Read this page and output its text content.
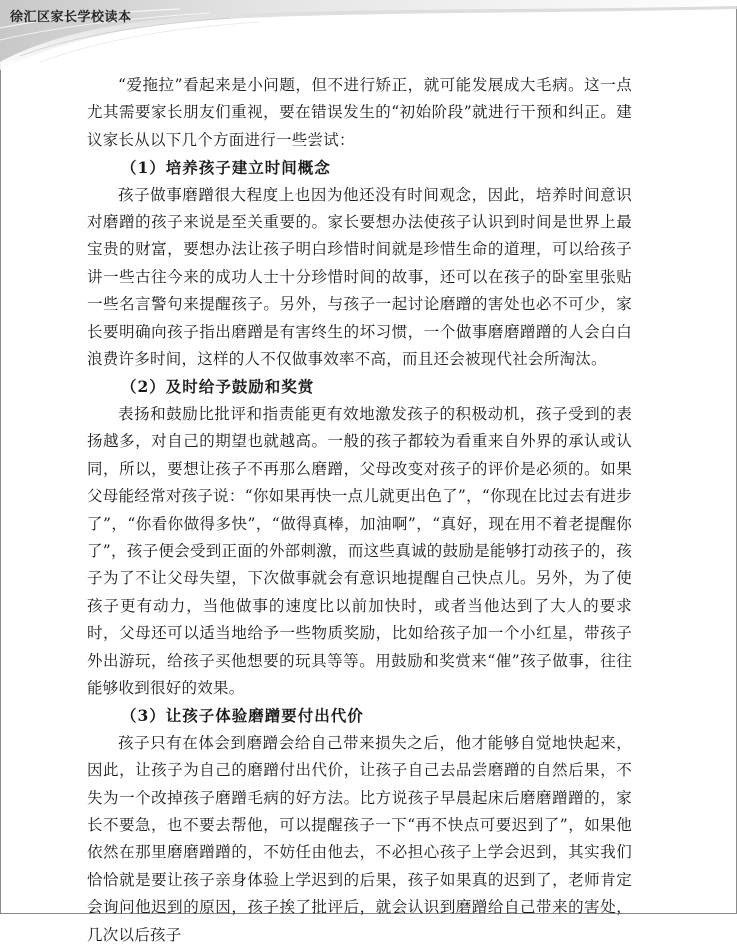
徐汇区家长学校读本

“爱拖拉”看起来是小问题，但不进行矫正，就可能发展成大毛病。这一点尤其需要家长朋友们重视，要在错误发生的“初始阶段”就进行干预和纠正。建议家长从以下几个方面进行一些尝试：

（1）培养孩子建立时间概念

孩子做事磨蹭很大程度上也因为他还没有时间观念，因此，培养时间意识对磨蹭的孩子来说是至关重要的。家长要想办法使孩子认识到时间是世界上最宝贵的财富，要想办法让孩子明白珍惜时间就是珍惜生命的道理，可以给孩子讲一些古往今来的成功人士十分珍惜时间的故事，还可以在孩子的卧室里张贴一些名言警句来提醒孩子。另外，与孩子一起讨论磨蹭的害处也必不可少，家长要明确向孩子指出磨蹭是有害终生的坏习惯，一个做事磨磨蹭蹭的人会白白浪费许多时间，这样的人不仅做事效率不高，而且还会被现代社会所淘汰。

（2）及时给予鼓励和奖赏

表扬和鼓励比批评和指责能更有效地激发孩子的积极动机，孩子受到的表扬越多，对自己的期望也就越高。一般的孩子都较为看重来自外界的承认或认同，所以，要想让孩子不再那么磨蹭，父母改变对孩子的评价是必须的。如果父母能经常对孩子说：“你如果再快一点儿就更出色了”，“你现在比过去有进步了”，“你看你做得多快”，“做得真棒，加油啊”，“真好，现在用不着老提醒你了”，孩子便会受到正面的外部刺激，而这些真诚的鼓励是能够打动孩子的，孩子为了不让父母失望，下次做事就会有意识地提醒自己快点儿。另外，为了使孩子更有动力，当他做事的速度比以前加快时，或者当他达到了大人的要求时，父母还可以适当地给予一些物质奖励，比如给孩子加一个小红星，带孩子外出游玩，给孩子买他想要的玩具等等。用鼓励和奖赏来“催”孩子做事，往往能够收到很好的效果。

（3）让孩子体验磨蹭要付出代价

孩子只有在体会到磨蹭会给自己带来损失之后，他才能够自觉地快起来，因此，让孩子为自己的磨蹭付出代价，让孩子自己去品尝磨蹭的自然后果，不失为一个改掉孩子磨蹭毛病的好方法。比方说孩子早晨起床后磨磨蹭蹭的，家长不要急，也不要去帮他，可以提醒孩子一下“再不快点可要迟到了”，如果他依然在那里磨磨蹭蹭的，不妨任由他去，不必担心孩子上学会迟到，其实我们恰恰就是要让孩子亲身体验上学迟到的后果，孩子如果真的迟到了，老师肯定会询问他迟到的原因，孩子挨了批评后，就会认识到磨蹭给自己带来的害处，几次以后孩子
